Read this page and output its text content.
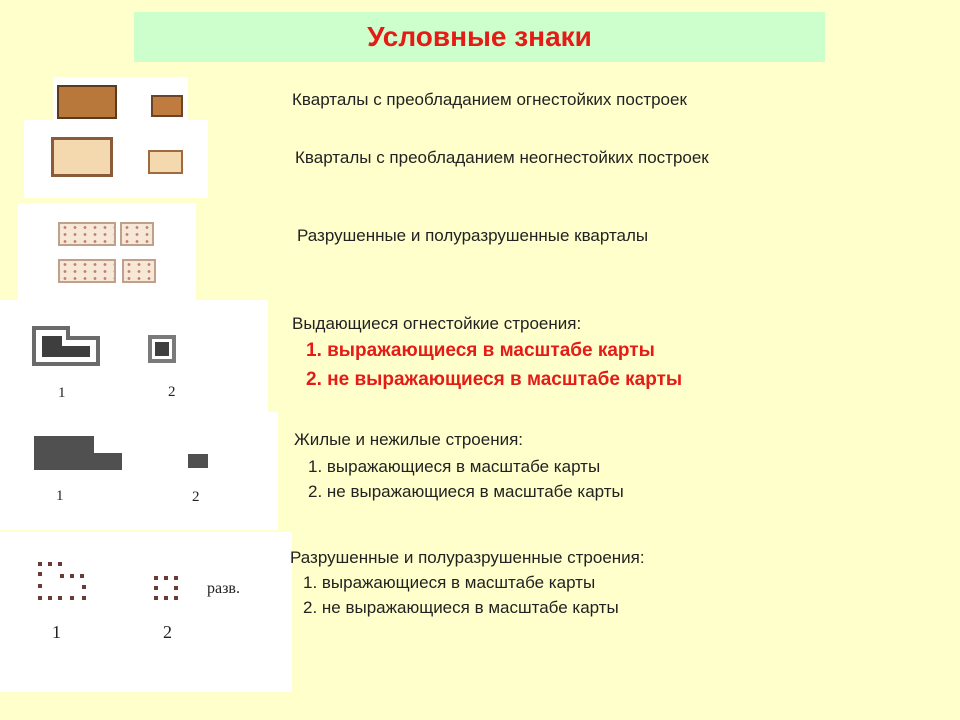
Условные знаки
Кварталы с преобладанием огнестойких построек
Кварталы с преобладанием неогнестойких построек
Разрушенные и полуразрушенные кварталы
1	2
Выдающиеся огнестойкие строения:
1. выражающиеся в масштабе карты
2. не выражающиеся в масштабе карты
1	2
Жилые и нежилые строения:
1. выражающиеся в масштабе карты
2. не выражающиеся в масштабе карты
разв.
1	2
Разрушенные и полуразрушенные строения:
1. выражающиеся в масштабе карты
2. не выражающиеся в масштабе карты
